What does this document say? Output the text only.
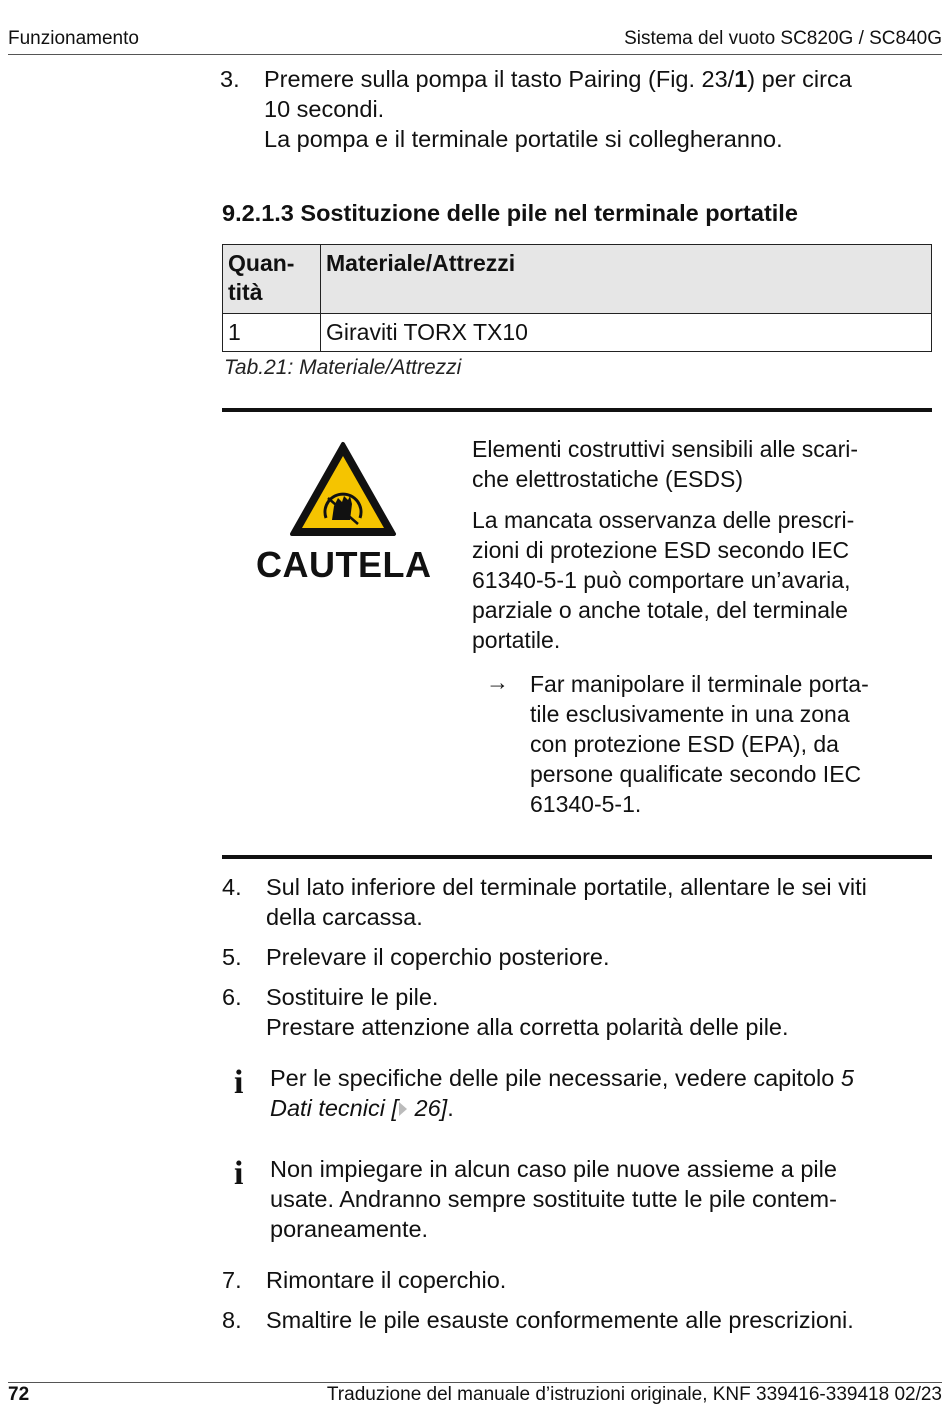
Funzionamento	Sistema del vuoto SC820G / SC840G
3. Premere sulla pompa il tasto Pairing (Fig. 23/1) per circa
10 secondi.
La pompa e il terminale portatile si collegheranno.
9.2.1.3 Sostituzione delle pile nel terminale portatile
Quan-
tità	Materiale/Attrezzi
1	Giraviti TORX TX10
Tab.21: Materiale/Attrezzi
CAUTELA
Elementi costruttivi sensibili alle scari-
che elettrostatiche (ESDS)
La mancata osservanza delle prescri-
zioni di protezione ESD secondo IEC
61340-5-1 può comportare un’avaria,
parziale o anche totale, del terminale
portatile.
→ Far manipolare il terminale porta-
tile esclusivamente in una zona
con protezione ESD (EPA), da
persone qualificate secondo IEC
61340-5-1.
4. Sul lato inferiore del terminale portatile, allentare le sei viti
della carcassa.
5. Prelevare il coperchio posteriore.
6. Sostituire le pile.
Prestare attenzione alla corretta polarità delle pile.
i Per le specifiche delle pile necessarie, vedere capitolo 5
Dati tecnici [ 26].
i Non impiegare in alcun caso pile nuove assieme a pile
usate. Andranno sempre sostituite tutte le pile contem-
poraneamente.
7. Rimontare il coperchio.
8. Smaltire le pile esauste conformemente alle prescrizioni.
72	Traduzione del manuale d’istruzioni originale, KNF 339416-339418 02/23
